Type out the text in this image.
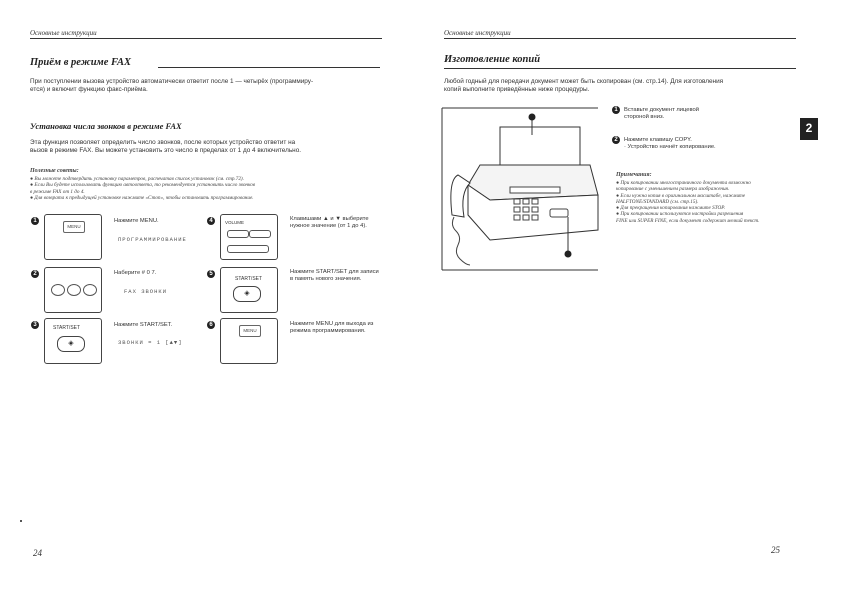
Основные инструкции
Приём в режиме FAX
При поступлении вызова устройство автоматически ответит после 1 — четырёх (программиру-
ется) и включит функцию факс-приёма.
Установка числа звонков в режиме FAX
Эта функция позволяет определить число звонков, после которых устройство ответит на
вызов в режиме FAX. Вы можете установить это число в пределах от 1 до 4 включительно.
Полезные советы:
● Вы можете подтвердить установку параметров, распечатав список установок (см. стр.72).
● Если Вы будете использовать функцию автоответа, то рекомендуется установить число звонков
в режиме FAX от 1 до 4.
● Для возврата к предыдущей установке нажмите «Стоп», чтобы остановить программирование.
1
MENU
Нажмите MENU.
ПРОГРАММИРОВАНИЕ
2	Наберите # 0 7.
FAX ЗВОНКИ
3	START/SET
◈
Нажмите START/SET.
ЗВОНКИ = 1 [▲▼]
4	VOLUME
Клавишами ▲ и ▼ выберите нужное значение (от 1 до 4).
5
START/SET
◈
Нажмите START/SET для записи в память нового значения.
6
MENU
Нажмите MENU для выхода из режима программирования.
24
Основные инструкции
Изготовление копий
Любой годный для передачи документ может быть скопирован (см. стр.14). Для изготовления
копий выполните приведённые ниже процедуры.
2
1	Вставьте документ лицевой
стороной вниз.
2	Нажмите клавишу COPY.
· Устройство начнёт копирование.
Примечания:
● При копировании многостраничного документа возможно
копирование с уменьшением размера изображения.
● Если нужна копия в оригинальном масштабе, нажмите
HALFTONE/STANDARD (см. стр.15).
● Для прекращения копирования нажмите STOP.
● При копировании используются настройки разрешения
FINE или SUPER FINE, если документ содержит мелкий текст.
25
